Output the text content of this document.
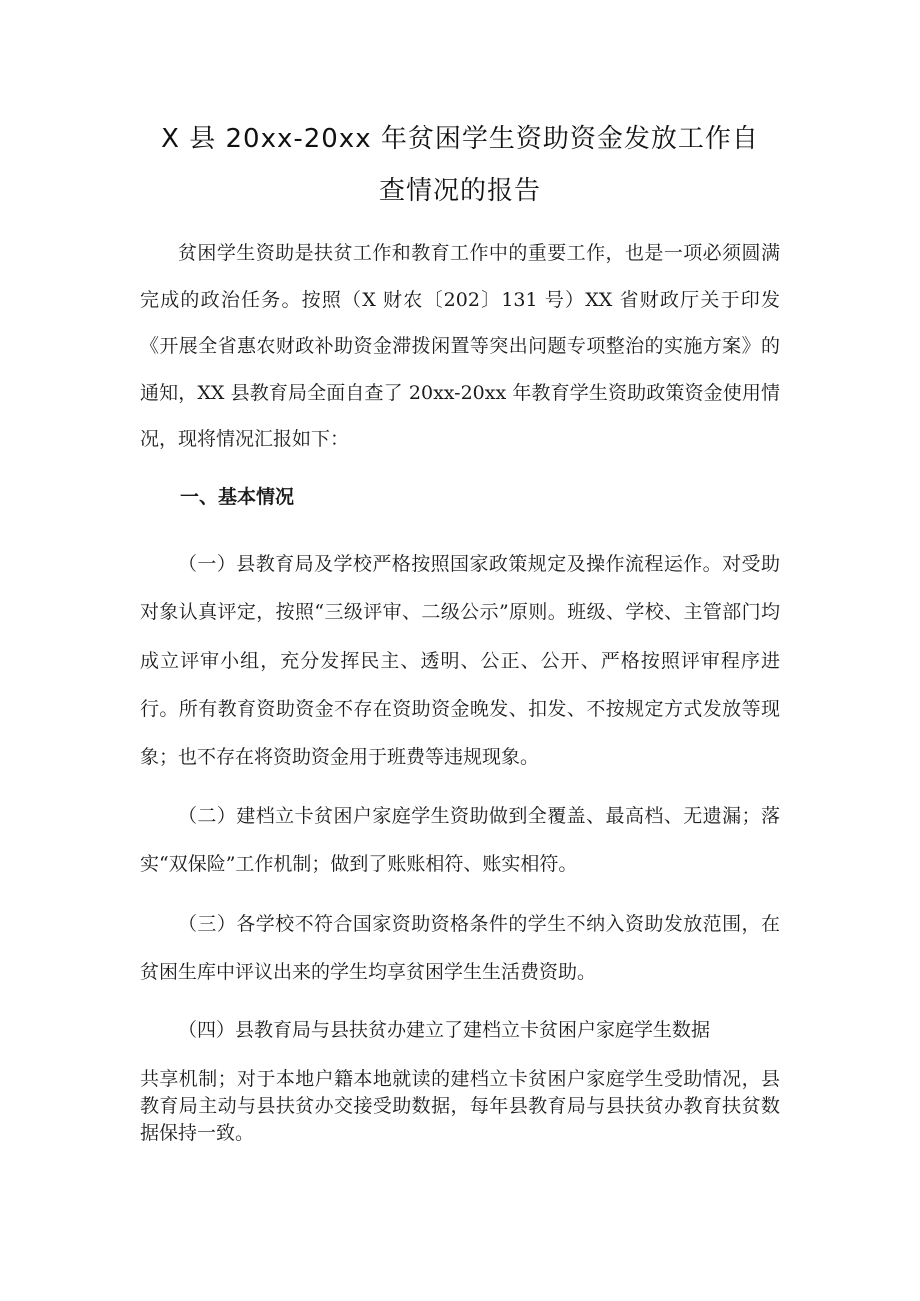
X 县 20xx-20xx 年贫困学生资助资金发放工作自
查情况的报告

贫困学生资助是扶贫工作和教育工作中的重要工作，也是一项必须圆满完成的政治任务。按照（X 财农〔202〕131 号）XX 省财政厅关于印发《开展全省惠农财政补助资金滞拨闲置等突出问题专项整治的实施方案》的通知，XX 县教育局全面自查了 20xx-20xx 年教育学生资助政策资金使用情况，现将情况汇报如下：

一、基本情况

（一）县教育局及学校严格按照国家政策规定及操作流程运作。对受助对象认真评定，按照“三级评审、二级公示”原则。班级、学校、主管部门均成立评审小组，充分发挥民主、透明、公正、公开、严格按照评审程序进行。所有教育资助资金不存在资助资金晚发、扣发、不按规定方式发放等现象；也不存在将资助资金用于班费等违规现象。

（二）建档立卡贫困户家庭学生资助做到全覆盖、最高档、无遗漏；落实“双保险”工作机制；做到了账账相符、账实相符。

（三）各学校不符合国家资助资格条件的学生不纳入资助发放范围，在贫困生库中评议出来的学生均享贫困学生生活费资助。

（四）县教育局与县扶贫办建立了建档立卡贫困户家庭学生数据

共享机制；对于本地户籍本地就读的建档立卡贫困户家庭学生受助情况，县教育局主动与县扶贫办交接受助数据，每年县教育局与县扶贫办教育扶贫数据保持一致。
